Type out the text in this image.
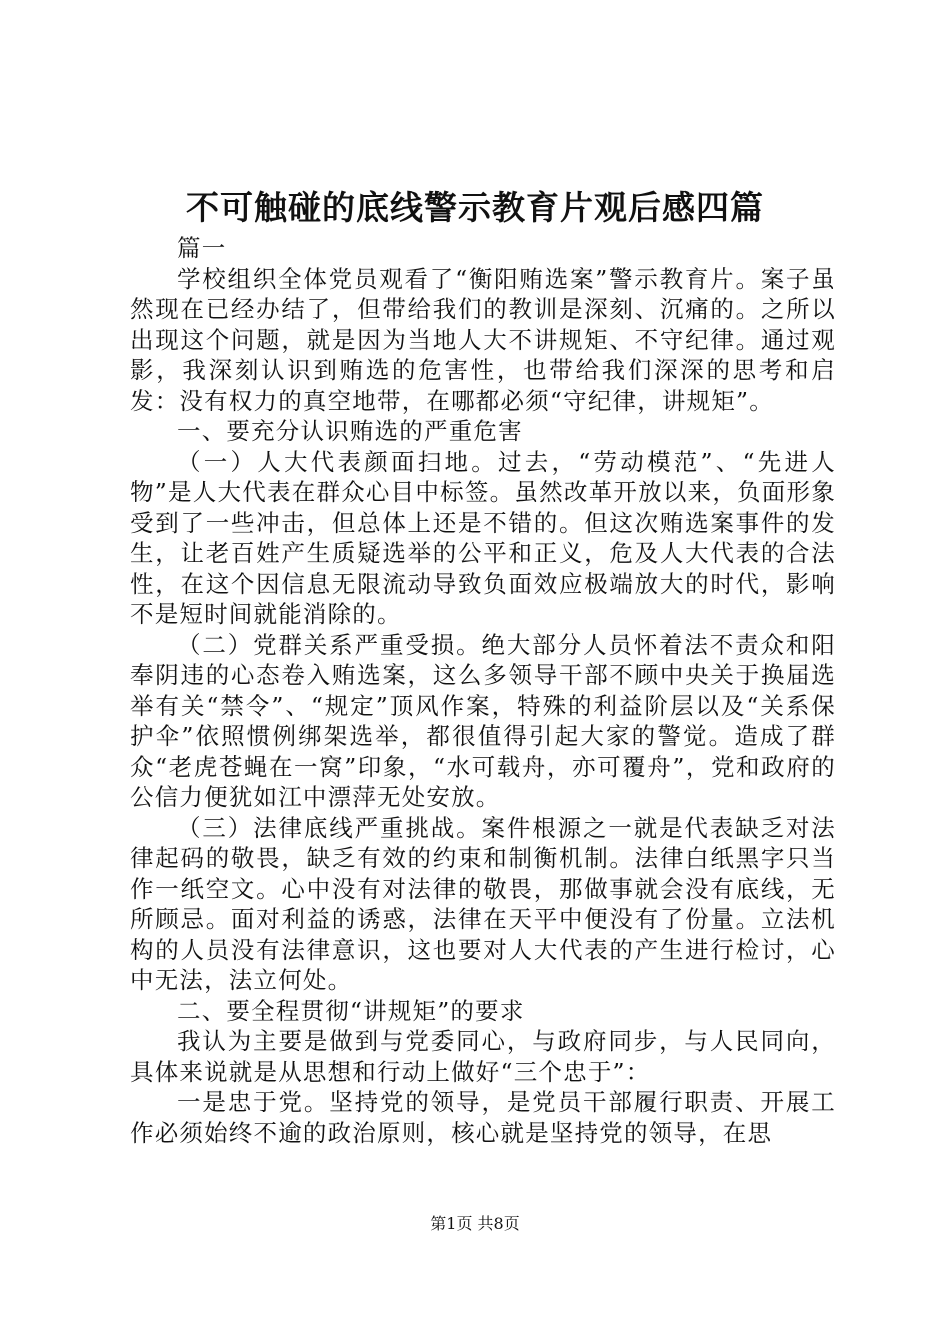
不可触碰的底线警示教育片观后感四篇

篇一

学校组织全体党员观看了“衡阳贿选案”警示教育片。案子虽然现在已经办结了，但带给我们的教训是深刻、沉痛的。之所以出现这个问题，就是因为当地人大不讲规矩、不守纪律。通过观影，我深刻认识到贿选的危害性，也带给我们深深的思考和启发：没有权力的真空地带，在哪都必须“守纪律，讲规矩”。

一、要充分认识贿选的严重危害

（一）人大代表颜面扫地。过去，“劳动模范”、“先进人物”是人大代表在群众心目中标签。虽然改革开放以来，负面形象受到了一些冲击，但总体上还是不错的。但这次贿选案事件的发生，让老百姓产生质疑选举的公平和正义，危及人大代表的合法性，在这个因信息无限流动导致负面效应极端放大的时代，影响不是短时间就能消除的。

（二）党群关系严重受损。绝大部分人员怀着法不责众和阳奉阴违的心态卷入贿选案，这么多领导干部不顾中央关于换届选举有关“禁令”、“规定”顶风作案，特殊的利益阶层以及“关系保护伞”依照惯例绑架选举，都很值得引起大家的警觉。造成了群众“老虎苍蝇在一窝”印象，“水可载舟，亦可覆舟”，党和政府的公信力便犹如江中漂萍无处安放。

（三）法律底线严重挑战。案件根源之一就是代表缺乏对法律起码的敬畏，缺乏有效的约束和制衡机制。法律白纸黑字只当作一纸空文。心中没有对法律的敬畏，那做事就会没有底线，无所顾忌。面对利益的诱惑，法律在天平中便没有了份量。立法机构的人员没有法律意识，这也要对人大代表的产生进行检讨，心中无法，法立何处。

二、要全程贯彻“讲规矩”的要求

我认为主要是做到与党委同心，与政府同步，与人民同向，具体来说就是从思想和行动上做好“三个忠于”：

一是忠于党。坚持党的领导，是党员干部履行职责、开展工作必须始终不逾的政治原则，核心就是坚持党的领导，在思

第1页 共8页
